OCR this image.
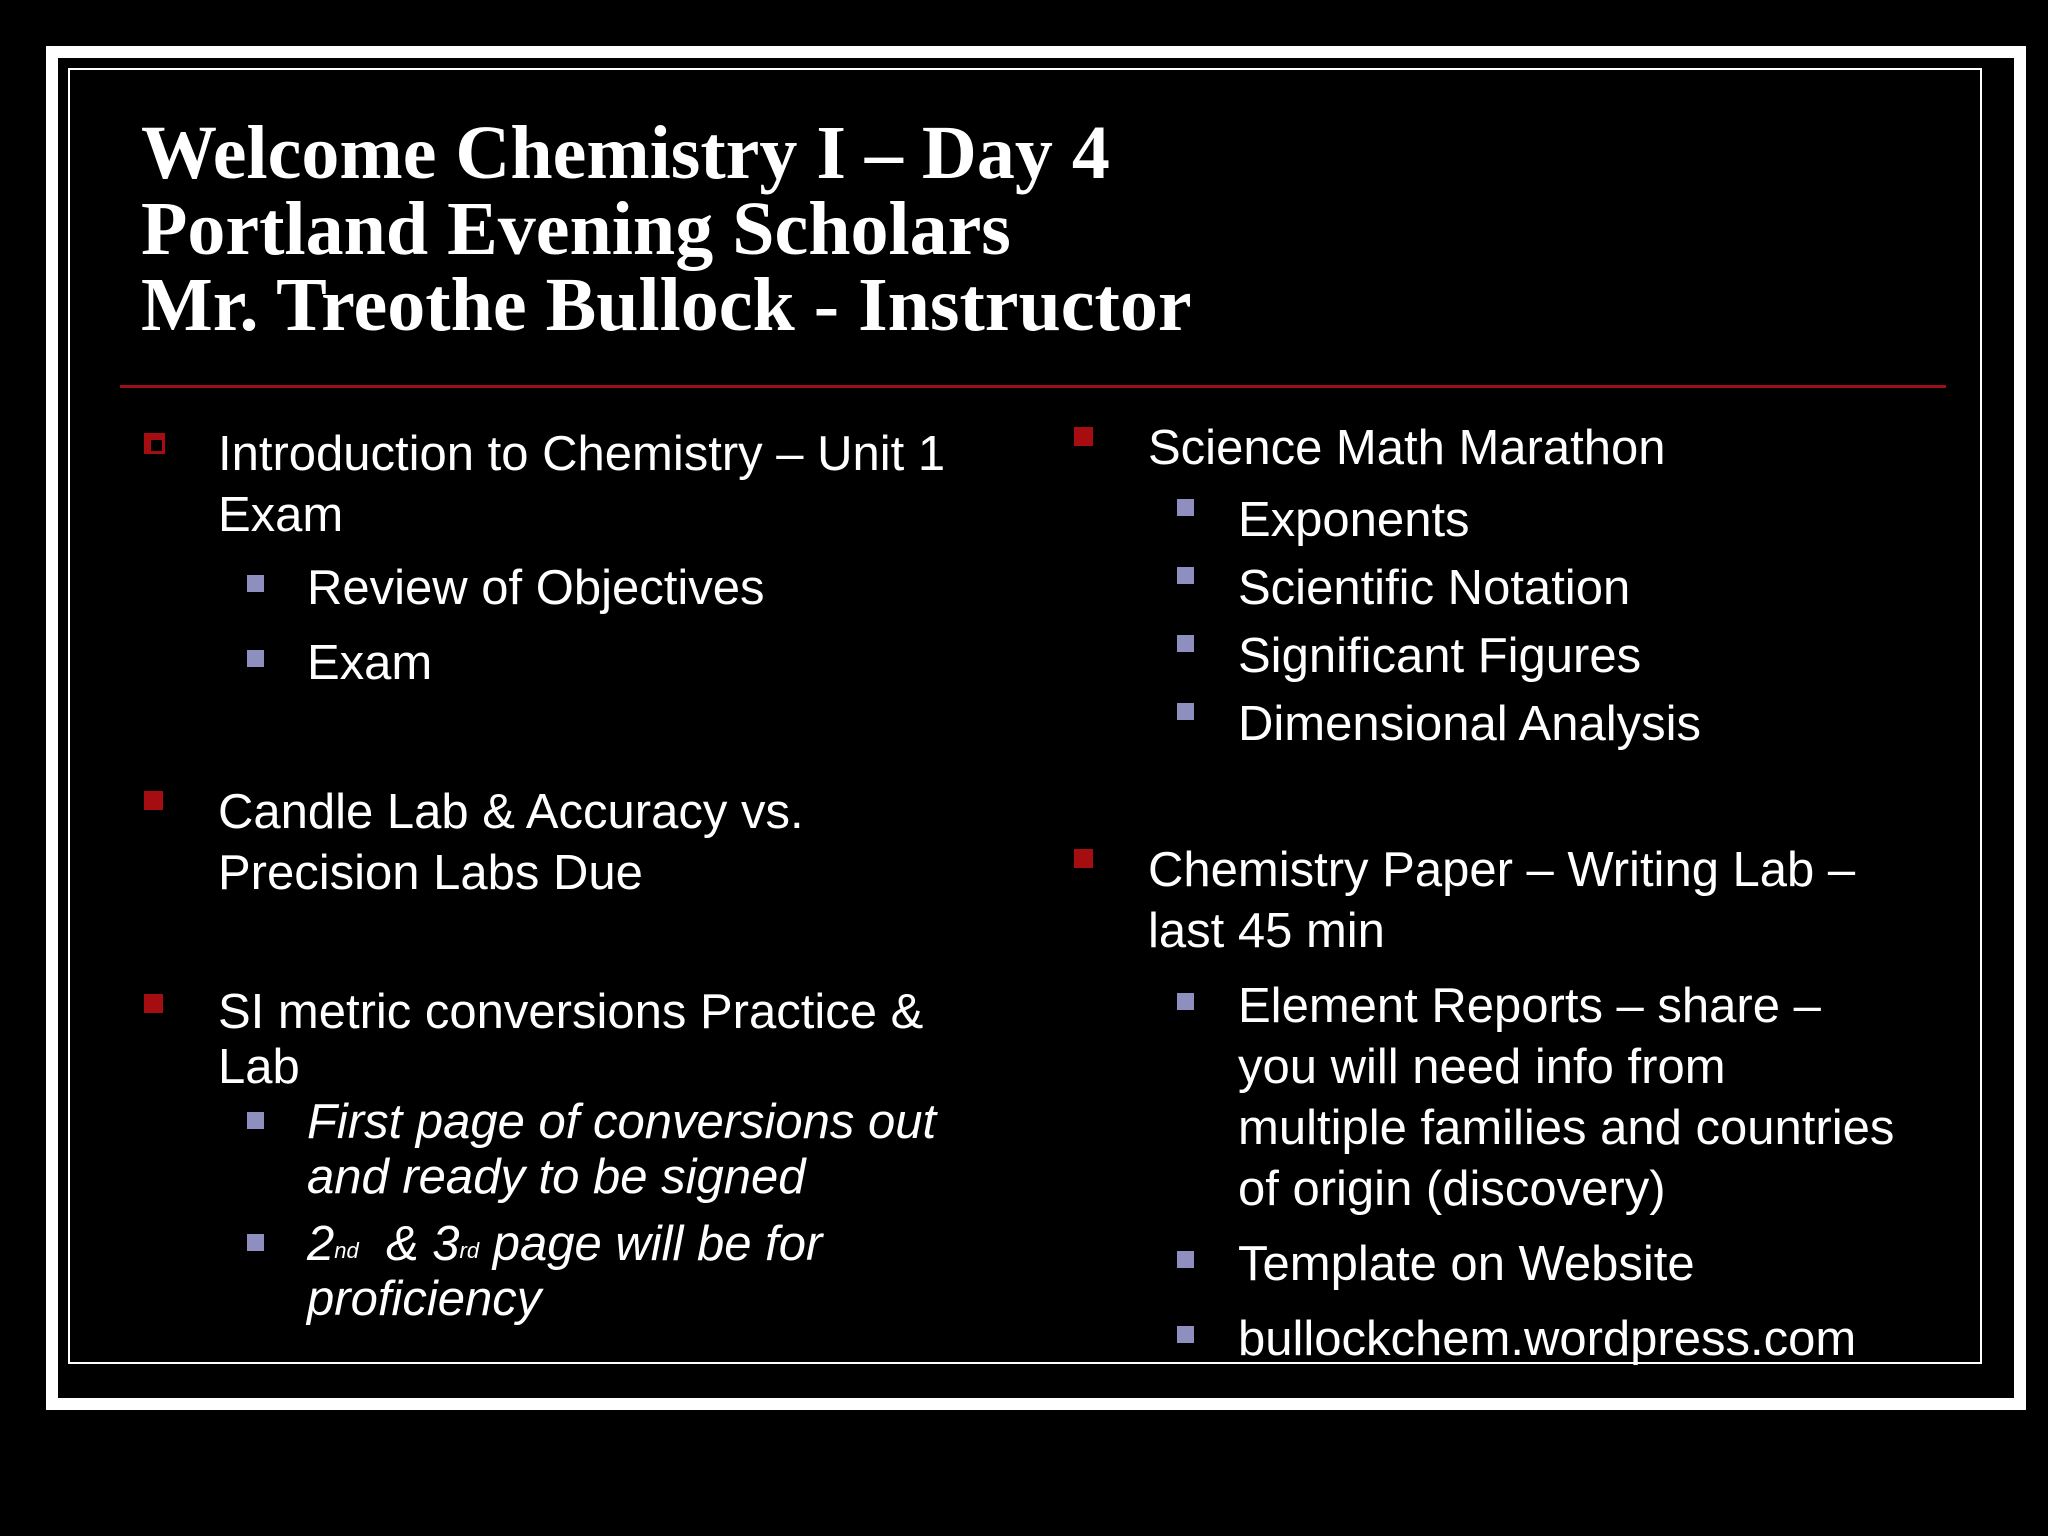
Welcome Chemistry I – Day 4
Portland Evening Scholars
Mr. Treothe Bullock - Instructor
Introduction to Chemistry – Unit 1
Exam
Review of Objectives
Exam
Candle Lab & Accuracy vs.
Precision Labs Due
SI metric conversions Practice &
Lab
First page of conversions out
and ready to be signed
2nd  & 3rd page will be for
proficiency
Science Math Marathon
Exponents
Scientific Notation
Significant Figures
Dimensional Analysis
Chemistry Paper – Writing Lab –
last 45 min
Element Reports – share –
you will need info from
multiple families and countries
of origin (discovery)
Template on Website
bullockchem.wordpress.com
